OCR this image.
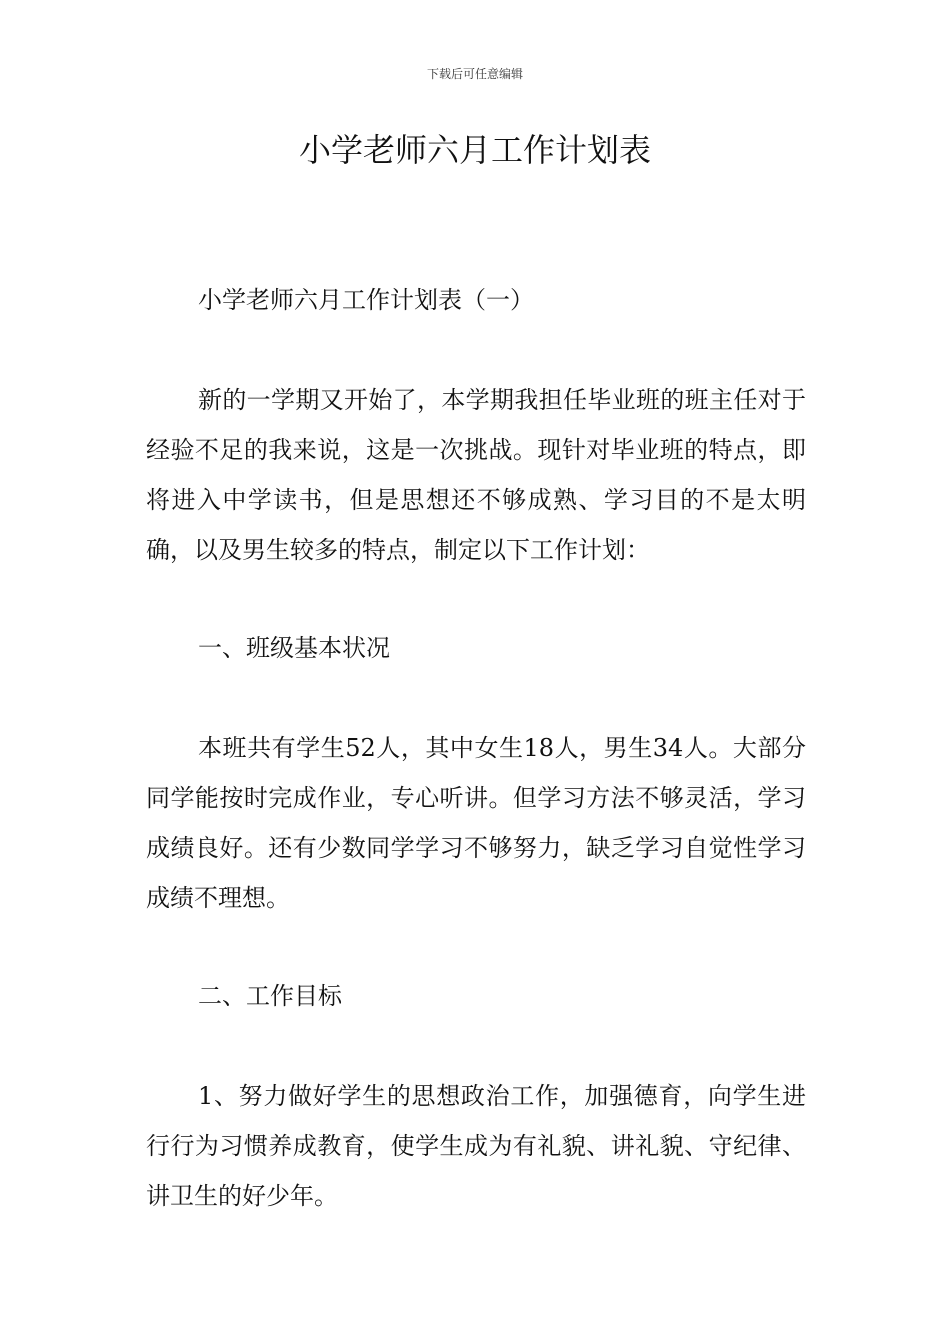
下载后可任意编辑
小学老师六月工作计划表

小学老师六月工作计划表（一）

新的一学期又开始了，本学期我担任毕业班的班主任对于经验不足的我来说，这是一次挑战。现针对毕业班的特点，即将进入中学读书，但是思想还不够成熟、学习目的不是太明确，以及男生较多的特点，制定以下工作计划：

一、班级基本状况

本班共有学生52人，其中女生18人，男生34人。大部分同学能按时完成作业，专心听讲。但学习方法不够灵活，学习成绩良好。还有少数同学学习不够努力，缺乏学习自觉性学习成绩不理想。

二、工作目标

1、努力做好学生的思想政治工作，加强德育，向学生进行行为习惯养成教育，使学生成为有礼貌、讲礼貌、守纪律、讲卫生的好少年。
